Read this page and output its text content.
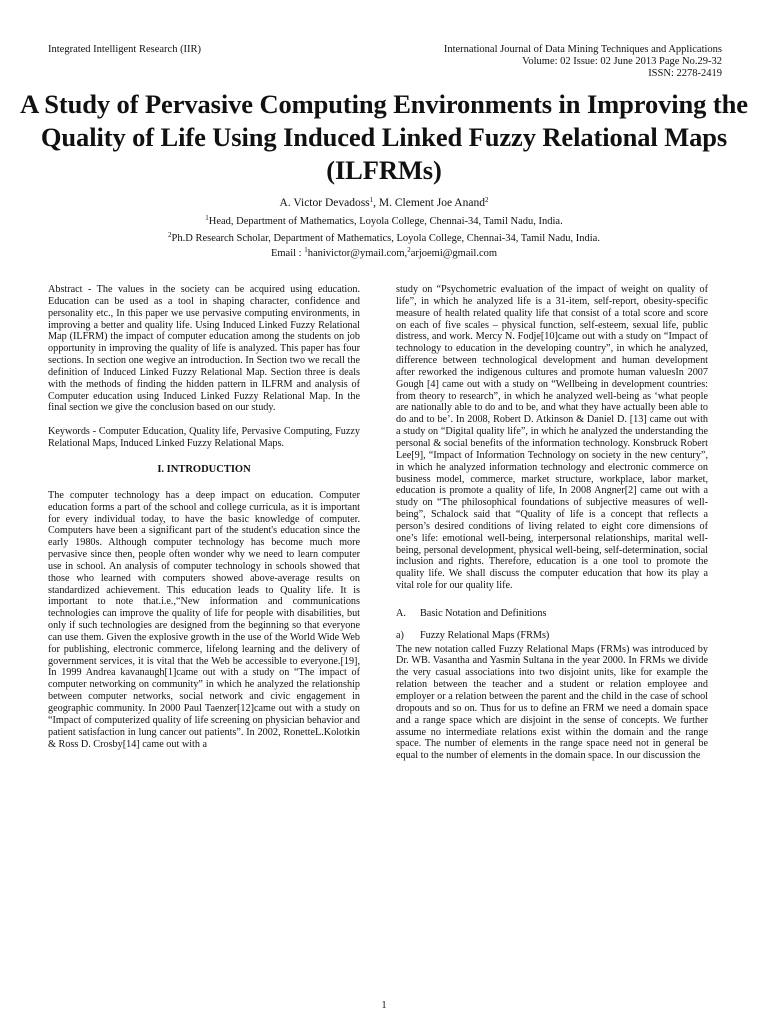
Integrated Intelligent Research (IIR)	International Journal of Data Mining Techniques and Applications
Volume: 02 Issue: 02 June 2013 Page No.29-32
ISSN: 2278-2419
A Study of Pervasive Computing Environments in Improving the Quality of Life Using Induced Linked Fuzzy Relational Maps (ILFRMs)
A. Victor Devadoss$^1$, M. Clement Joe Anand$^2$
$^1$Head, Department of Mathematics, Loyola College, Chennai-34, Tamil Nadu, India.
$^2$Ph.D Research Scholar, Department of Mathematics, Loyola College, Chennai-34, Tamil Nadu, India.
Email : $^1$hanivictor@ymail.com,$^2$arjoemi@gmail.com

Abstract - The values in the society can be acquired using education. Education can be used as a tool in shaping character, confidence and personality etc., In this paper we use pervasive computing environments, in improving a better and quality life. Using Induced Linked Fuzzy Relational Map (ILFRM) the impact of computer education among the students on job opportunity in improving the quality of life is analyzed. This paper has four sections. In section one wegive an introduction. In Section two we recall the definition of Induced Linked Fuzzy Relational Map. Section three is deals with the methods of finding the hidden pattern in ILFRM and analysis of Computer education using Induced Linked Fuzzy Relational Map. In the final section we give the conclusion based on our study.

Keywords - Computer Education, Quality life, Pervasive Computing, Fuzzy Relational Maps, Induced Linked Fuzzy Relational Maps.

I. INTRODUCTION

The computer technology has a deep impact on education. Computer education forms a part of the school and college curricula, as it is important for every individual today, to have the basic knowledge of computer. Computers have been a significant part of the student's education since the early 1980s. Although computer technology has become much more pervasive since then, people often wonder why we need to learn computer use in school. An analysis of computer technology in schools showed that those who learned with computers showed above-average results on standardized achievement. This education leads to Quality life. It is important to note that.i.e.,“New information and communications technologies can improve the quality of life for people with disabilities, but only if such technologies are designed from the beginning so that everyone can use them. Given the explosive growth in the use of the World Wide Web for publishing, electronic commerce, lifelong learning and the delivery of government services, it is vital that the Web be accessible to everyone.[19], In 1999 Andrea kavanaugh[1]came out with a study on “The impact of computer networking on community” in which he analyzed the relationship between computer networks, social network and civic engagement in geographic community. In 2000 Paul Taenzer[12]came out with a study on “Impact of computerized quality of life screening on physician behavior and patient satisfaction in lung cancer out patients”. In 2002, RonetteL.Kolotkin & Ross D. Crosby[14] came out with a

study on “Psychometric evaluation of the impact of weight on quality of life”, in which he analyzed life is a 31-item, self-report, obesity-specific measure of health related quality life that consist of a total score and score on each of five scales – physical function, self-esteem, sexual life, public distress, and work. Mercy N. Fodje[10]came out with a study on “Impact of technology to education in the developing country”, in which he analyzed, difference between technological development and human development after reworked the indigenous cultures and promote human valuesIn 2007 Gough [4] came out with a study on “Wellbeing in development countries: from theory to research”, in which he analyzed well-being as ‘what people are nationally able to do and to be, and what they have actually been able to do and to be’. In 2008, Robert D. Atkinson & Daniel D. [13] came out with a study on “Digital quality life”, in which he analyzed the understanding the personal & social benefits of the information technology. Konsbruck Robert Lee[9], “Impact of Information Technology on society in the new century”, in which he analyzed information technology and electronic commerce on business model, commerce, market structure, workplace, labor market, education is promote a quality of life, In 2008 Angner[2] came out with a study on “The philosophical foundations of subjective measures of well-being”, Schalock said that “Quality of life is a concept that reflects a person’s desired conditions of living related to eight core dimensions of one’s life: emotional well-being, interpersonal relationships, marital well-being, personal development, physical well-being, self-determination, social inclusion and rights. Therefore, education is a one tool to promote the quality life. We shall discuss the computer education that how its play a vital role for our quality life.

A. Basic Notation and Definitions
a) Fuzzy Relational Maps (FRMs)

The new notation called Fuzzy Relational Maps (FRMs) was introduced by Dr. WB. Vasantha and Yasmin Sultana in the year 2000. In FRMs we divide the very casual associations into two disjoint units, like for example the relation between the teacher and a student or relation employee and employer or a relation between the parent and the child in the case of school dropouts and so on. Thus for us to define an FRM we need a domain space and a range space which are disjoint in the sense of concepts. We further assume no intermediate relations exist within the domain and the range space. The number of elements in the range space need not in general be equal to the number of elements in the domain space. In our discussion the

1
